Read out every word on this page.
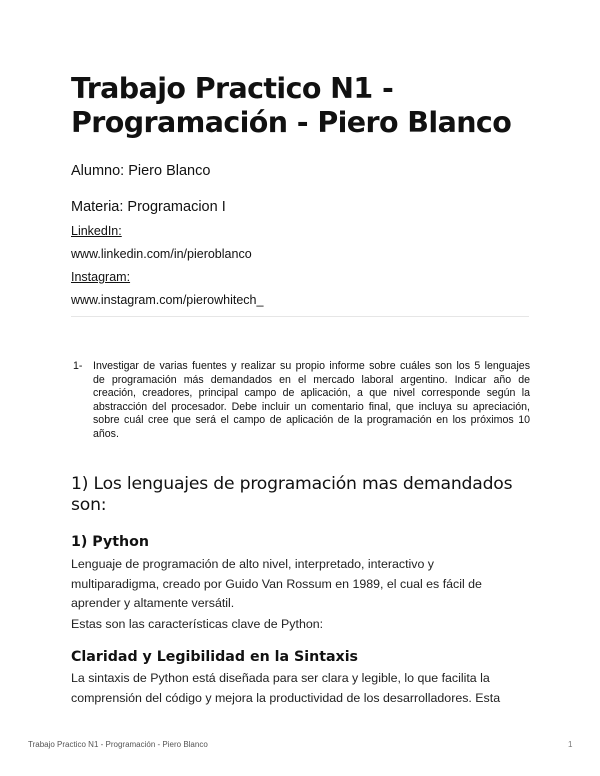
Trabajo Practico N1 -
Programación - Piero Blanco
Alumno: Piero Blanco
Materia: Programacion I
LinkedIn:
www.linkedin.com/in/pieroblanco
Instagram:
www.instagram.com/pierowhitech_
1- Investigar de varias fuentes y realizar su propio informe sobre cuáles son los 5 lenguajes
de programación más demandados en el mercado laboral argentino. Indicar año de
creación, creadores, principal campo de aplicación, a que nivel corresponde según la
abstracción del procesador. Debe incluir un comentario final, que incluya su apreciación,
sobre cuál cree que será el campo de aplicación de la programación en los próximos 10
años.
1) Los lenguajes de programación mas demandados
son:
1) Python
Lenguaje de programación de alto nivel, interpretado, interactivo y
multiparadigma, creado por Guido Van Rossum en 1989, el cual es fácil de
aprender y altamente versátil.
Estas son las características clave de Python:
Claridad y Legibilidad en la Sintaxis
La sintaxis de Python está diseñada para ser clara y legible, lo que facilita la
comprensión del código y mejora la productividad de los desarrolladores. Esta
Trabajo Practico N1 - Programación - Piero Blanco	1
